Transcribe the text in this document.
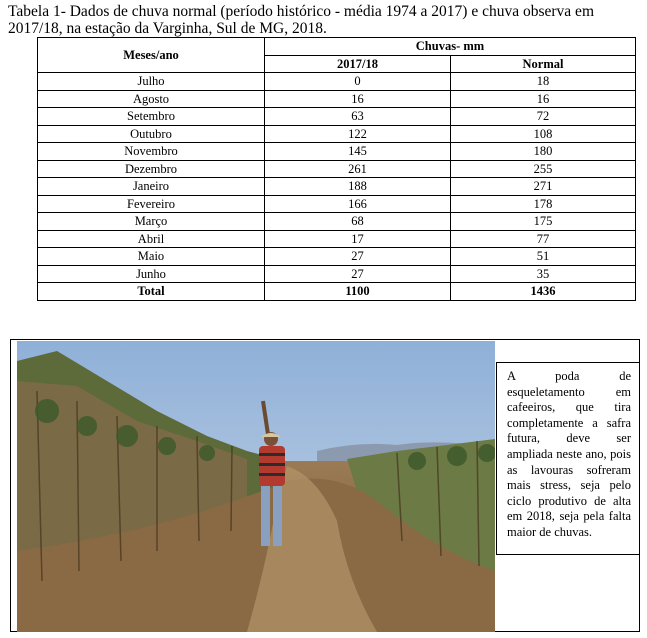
Tabela 1- Dados de chuva normal (período histórico - média 1974 a 2017) e chuva observa em 2017/18, na estação da Varginha, Sul de MG, 2018.
Meses/ano	Chuvas- mm	
	2017/18	Normal
Julho	0	18
Agosto	16	16
Setembro	63	72
Outubro	122	108
Novembro	145	180
Dezembro	261	255
Janeiro	188	271
Fevereiro	166	178
Março	68	175
Abril	17	77
Maio	27	51
Junho	27	35
Total	1100	1436

A poda de esqueletamento em cafeeiros, que tira completamente a safra futura, deve ser ampliada neste ano, pois as lavouras sofreram mais stress, seja pelo ciclo produtivo de alta em 2018, seja pela falta maior de chuvas.
